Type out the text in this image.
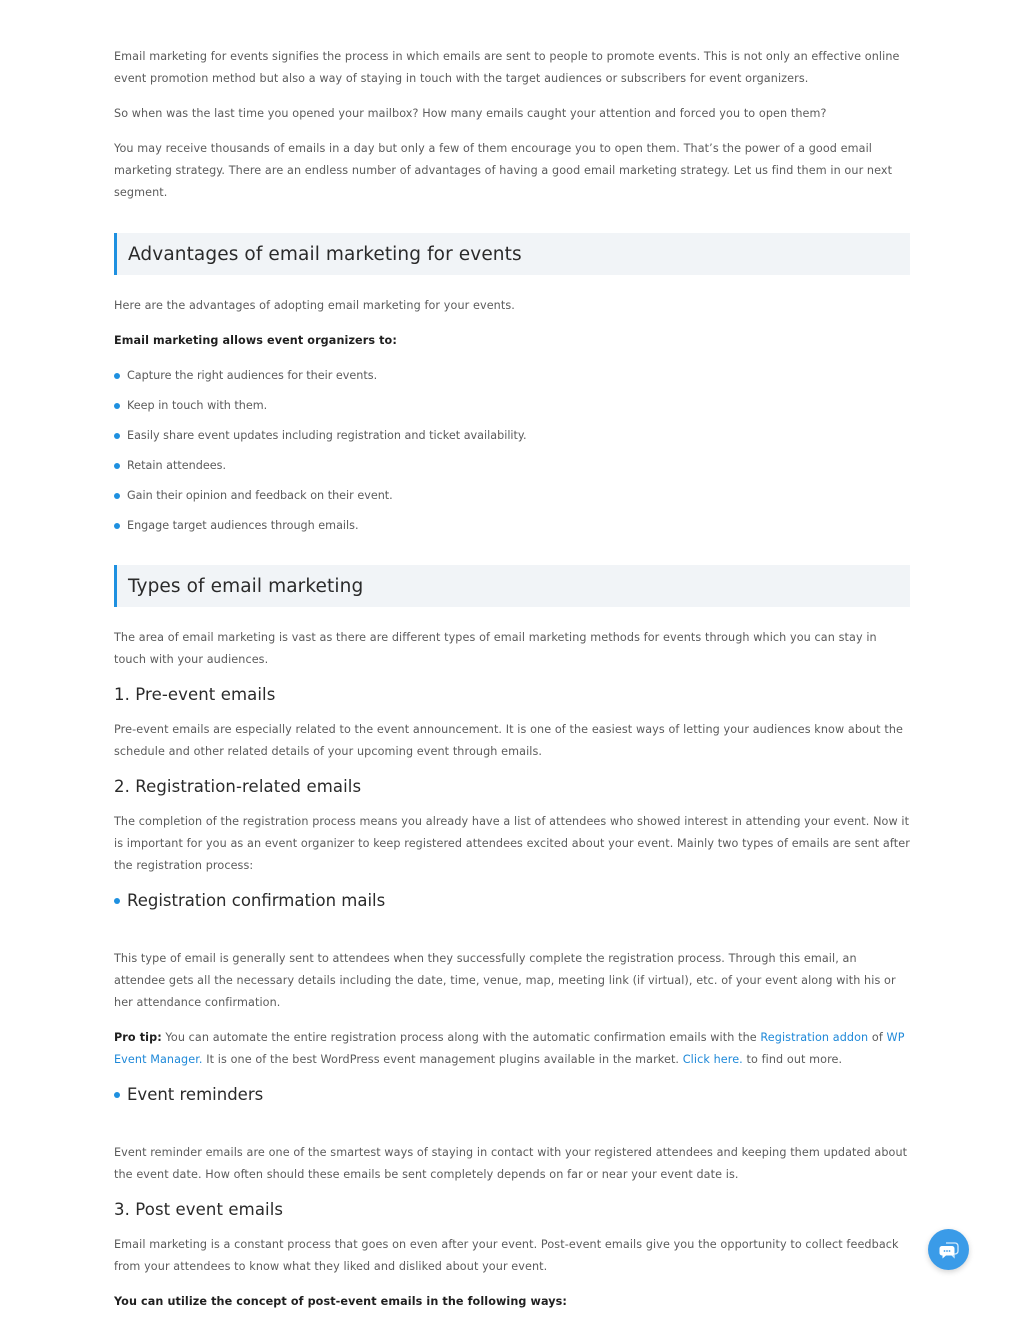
Email marketing for events signifies the process in which emails are sent to people to promote events. This is not only an effective online event promotion method but also a way of staying in touch with the target audiences or subscribers for event organizers.

So when was the last time you opened your mailbox? How many emails caught your attention and forced you to open them?

You may receive thousands of emails in a day but only a few of them encourage you to open them. That’s the power of a good email marketing strategy. There are an endless number of advantages of having a good email marketing strategy. Let us find them in our next segment.

Advantages of email marketing for events

Here are the advantages of adopting email marketing for your events.

Email marketing allows event organizers to:

Capture the right audiences for their events.
Keep in touch with them.
Easily share event updates including registration and ticket availability.
Retain attendees.
Gain their opinion and feedback on their event.
Engage target audiences through emails.
Types of email marketing

The area of email marketing is vast as there are different types of email marketing methods for events through which you can stay in touch with your audiences.

1. Pre-event emails

Pre-event emails are especially related to the event announcement. It is one of the easiest ways of letting your audiences know about the schedule and other related details of your upcoming event through emails.

2. Registration-related emails

The completion of the registration process means you already have a list of attendees who showed interest in attending your event. Now it is important for you as an event organizer to keep registered attendees excited about your event. Mainly two types of emails are sent after the registration process:

Registration confirmation mails

This type of email is generally sent to attendees when they successfully complete the registration process. Through this email, an attendee gets all the necessary details including the date, time, venue, map, meeting link (if virtual), etc. of your event along with his or her attendance confirmation.

Pro tip: You can automate the entire registration process along with the automatic confirmation emails with the Registration addon of WP Event Manager. It is one of the best WordPress event management plugins available in the market. Click here. to find out more.

Event reminders

Event reminder emails are one of the smartest ways of staying in contact with your registered attendees and keeping them updated about the event date. How often should these emails be sent completely depends on far or near your event date is.

3. Post event emails

Email marketing is a constant process that goes on even after your event. Post-event emails give you the opportunity to collect feedback from your attendees to know what they liked and disliked about your event.

You can utilize the concept of post-event emails in the following ways:
